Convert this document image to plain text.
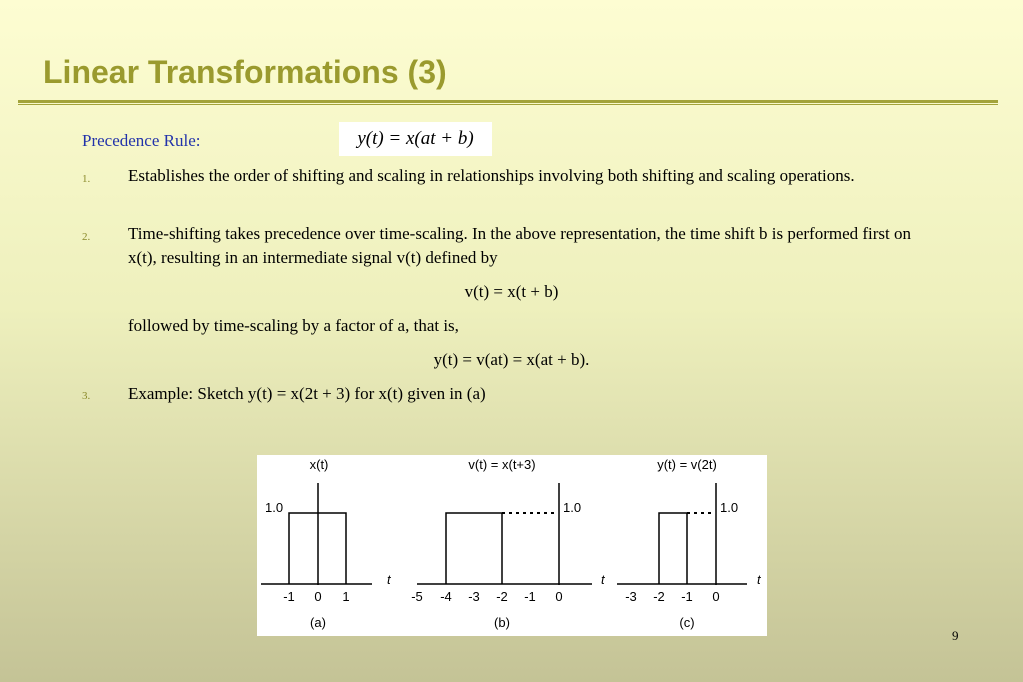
Linear Transformations (3)
Precedence Rule:	y(t) = x(at + b)
1. Establishes the order of shifting and scaling in relationships involving both shifting and scaling operations.
2. Time-shifting takes precedence over time-scaling. In the above representation, the time shift b is performed first on x(t), resulting in an intermediate signal v(t) defined by
v(t) = x(t + b)
followed by time-scaling by a factor of a, that is,
y(t) = v(at) = x(at + b).
3. Example: Sketch y(t) = x(2t + 3) for x(t) given in (a)
x(t)
1.0
t
-1 0 1
(a)
v(t) = x(t+3)
1.0
t
-5 -4 -3 -2 -1 0
(b)
y(t) = v(2t)
1.0
t
-3 -2 -1 0
(c)
9
